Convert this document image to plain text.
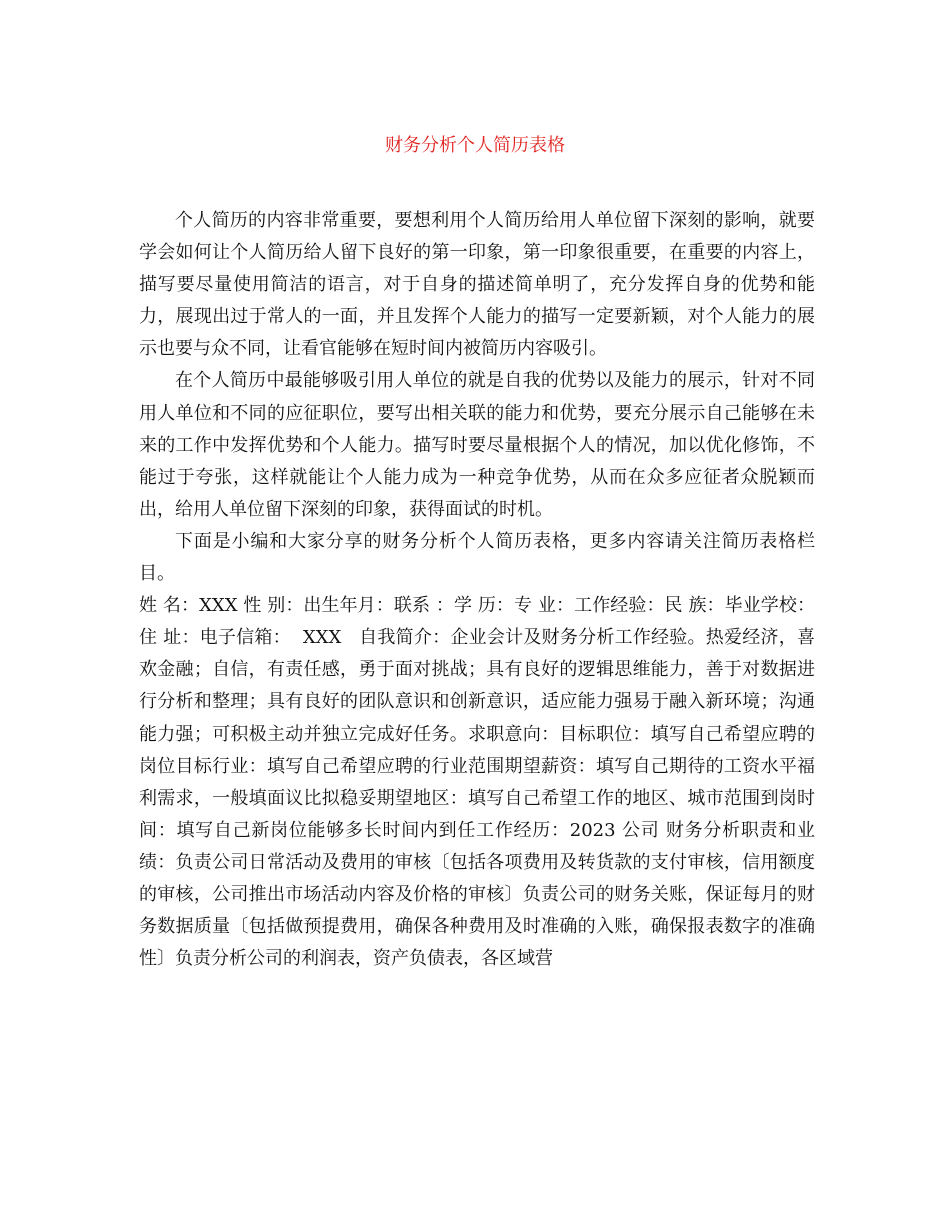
财务分析个人简历表格

个人简历的内容非常重要，要想利用个人简历给用人单位留下深刻的影响，就要学会如何让个人简历给人留下良好的第一印象，第一印象很重要，在重要的内容上，描写要尽量使用简洁的语言，对于自身的描述简单明了，充分发挥自身的优势和能力，展现出过于常人的一面，并且发挥个人能力的描写一定要新颖，对个人能力的展示也要与众不同，让看官能够在短时间内被简历内容吸引。

在个人简历中最能够吸引用人单位的就是自我的优势以及能力的展示，针对不同用人单位和不同的应征职位，要写出相关联的能力和优势，要充分展示自己能够在未来的工作中发挥优势和个人能力。描写时要尽量根据个人的情况，加以优化修饰，不能过于夸张，这样就能让个人能力成为一种竞争优势，从而在众多应征者众脱颖而出，给用人单位留下深刻的印象，获得面试的时机。

下面是小编和大家分享的财务分析个人简历表格，更多内容请关注简历表格栏目。

姓 名：XXX 性 别：出生年月：联系 ：学 历：专 业：工作经验：民 族：毕业学校：住 址：电子信箱：  XXX   自我简介：企业会计及财务分析工作经验。热爱经济，喜欢金融；自信，有责任感，勇于面对挑战；具有良好的逻辑思维能力，善于对数据进行分析和整理；具有良好的团队意识和创新意识，适应能力强易于融入新环境；沟通能力强；可积极主动并独立完成好任务。求职意向：目标职位：填写自己希望应聘的岗位目标行业：填写自己希望应聘的行业范围期望薪资：填写自己期待的工资水平福利需求，一般填面议比拟稳妥期望地区：填写自己希望工作的地区、城市范围到岗时间：填写自己新岗位能够多长时间内到任工作经历：2023 公司 财务分析职责和业绩：负责公司日常活动及费用的审核〔包括各项费用及转货款的支付审核，信用额度的审核，公司推出市场活动内容及价格的审核〕负责公司的财务关账，保证每月的财务数据质量〔包括做预提费用，确保各种费用及时准确的入账，确保报表数字的准确性〕负责分析公司的利润表，资产负债表，各区域营
